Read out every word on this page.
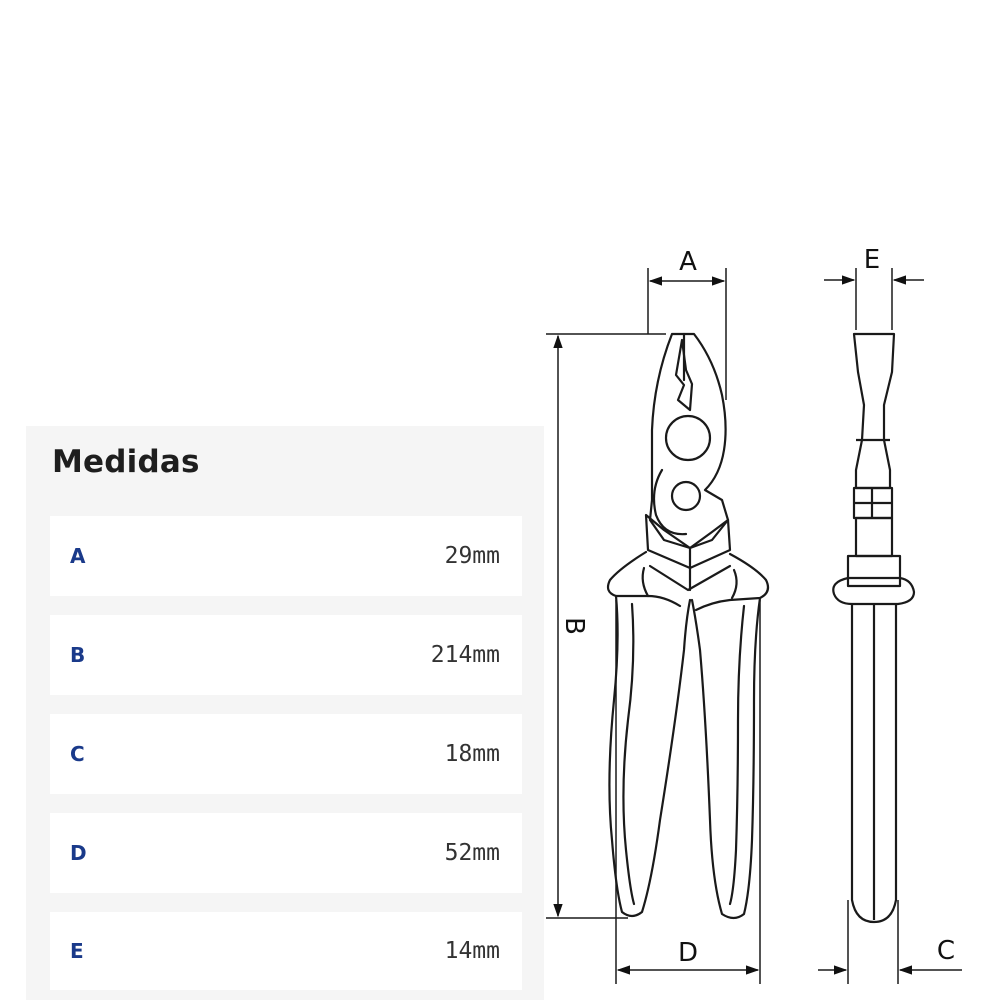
Medidas
A	29mm
B	214mm
C	18mm
D	52mm
E	14mm
A	E
B
D	C
